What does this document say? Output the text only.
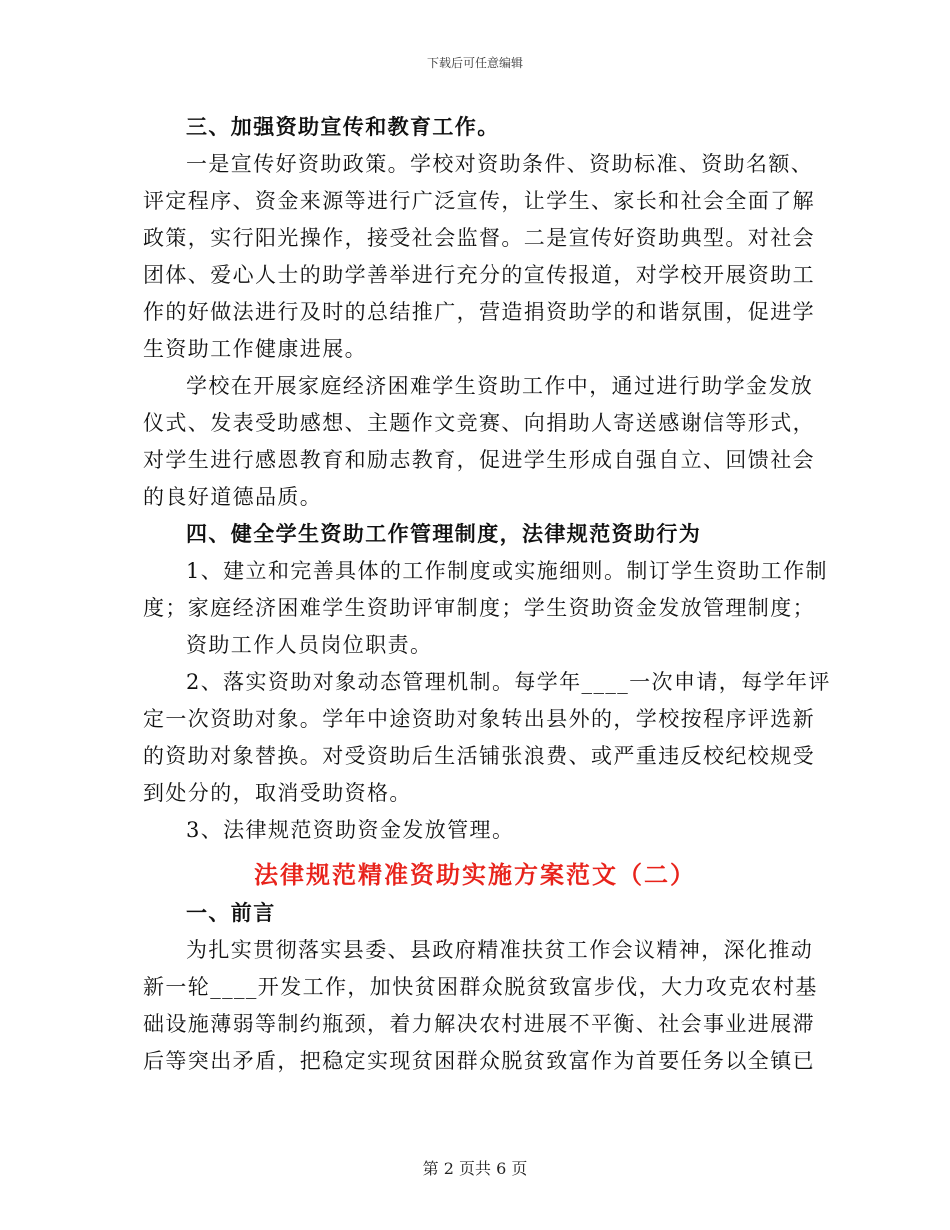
下载后可任意编辑
三、加强资助宣传和教育工作。
一是宣传好资助政策。学校对资助条件、资助标准、资助名额、
评定程序、资金来源等进行广泛宣传，让学生、家长和社会全面了解
政策，实行阳光操作，接受社会监督。二是宣传好资助典型。对社会
团体、爱心人士的助学善举进行充分的宣传报道，对学校开展资助工
作的好做法进行及时的总结推广，营造捐资助学的和谐氛围，促进学
生资助工作健康进展。
学校在开展家庭经济困难学生资助工作中，通过进行助学金发放
仪式、发表受助感想、主题作文竞赛、向捐助人寄送感谢信等形式，
对学生进行感恩教育和励志教育，促进学生形成自强自立、回馈社会
的良好道德品质。
四、健全学生资助工作管理制度，法律规范资助行为
1、建立和完善具体的工作制度或实施细则。制订学生资助工作制
度；家庭经济困难学生资助评审制度；学生资助资金发放管理制度；
资助工作人员岗位职责。
2、落实资助对象动态管理机制。每学年____一次申请，每学年评
定一次资助对象。学年中途资助对象转出县外的，学校按程序评选新
的资助对象替换。对受资助后生活铺张浪费、或严重违反校纪校规受
到处分的，取消受助资格。
3、法律规范资助资金发放管理。
法律规范精准资助实施方案范文（二）
一、前言
为扎实贯彻落实县委、县政府精准扶贫工作会议精神，深化推动
新一轮____开发工作，加快贫困群众脱贫致富步伐，大力攻克农村基
础设施薄弱等制约瓶颈，着力解决农村进展不平衡、社会事业进展滞
后等突出矛盾，把稳定实现贫困群众脱贫致富作为首要任务以全镇已
第 2 页共 6 页
